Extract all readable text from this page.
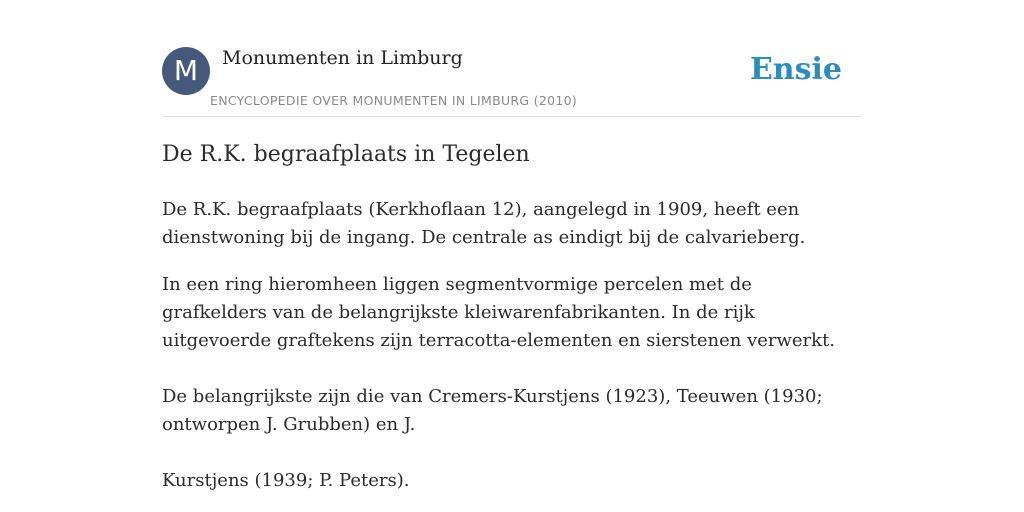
M	Monumenten in Limburg
ENCYCLOPEDIE OVER MONUMENTEN IN LIMBURG (2010)
Ensie
De R.K. begraafplaats in Tegelen

De R.K. begraafplaats (Kerkhoflaan 12), aangelegd in 1909, heeft een dienstwoning bij de ingang. De centrale as eindigt bij de calvarieberg.

In een ring hieromheen liggen segmentvormige percelen met de grafkelders van de belangrijkste kleiwarenfabrikanten. In de rijk uitgevoerde graftekens zijn terracotta-elementen en sierstenen verwerkt.

De belangrijkste zijn die van Cremers-Kurstjens (1923), Teeuwen (1930; ontworpen J. Grubben) en J.

Kurstjens (1939; P. Peters).
